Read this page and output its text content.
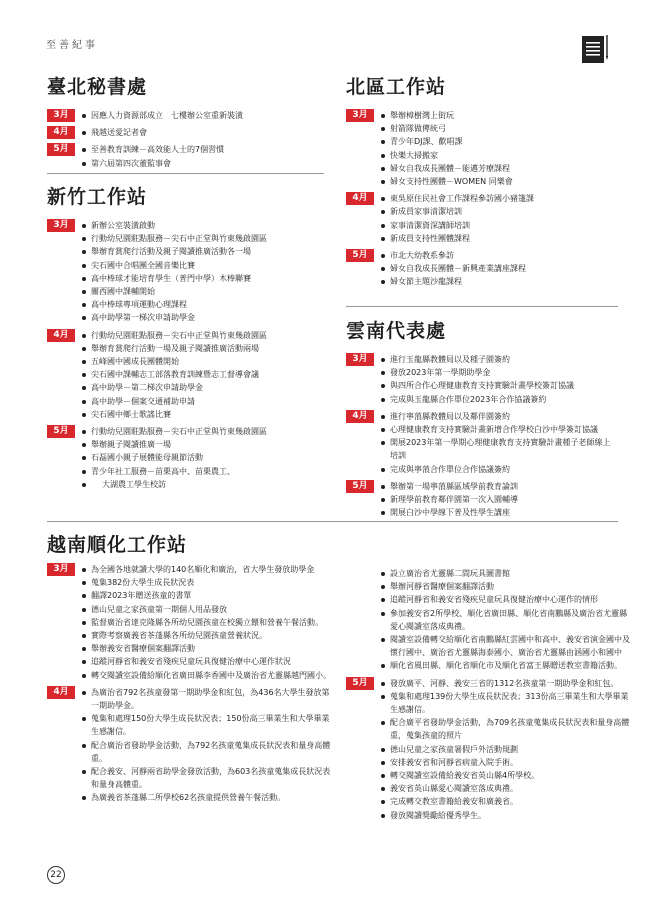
至善紀事
臺北秘書處
3月	因應人力資源部成立　七樓辦公室重新裝潢
4月	飛越送愛記者會
5月	至善教育訓練－高效能人士的7個習慣
第六屆第四次董監事會
新竹工作站
3月	新辦公室裝潢啟動
行動幼兒園駐點服務－尖石中正堂與竹東幾啟園區
舉辦育賞爬行活動及親子閱讀推廣活動各一場
尖石國中合唱團全國音樂比賽
高中棒球才能培育學生（普門中學）木棒聯賽
關西國中課輔開始
高中棒球專項運動心理課程
高中助學第一梯次申請助學金
4月	行動幼兒園駐點服務－尖石中正堂與竹東幾啟園區
舉辦育賞爬行活動一場及親子閱讀推廣活動兩場
五峰國中國成長團體開始
尖石國中課輔志工部落教育訓練暨志工督導會議
高中助學－第二梯次申請助學金
高中助學－個案交通補助申請
尖石國中鄉土歌謠比賽
5月	行動幼兒園駐點服務－尖石中正堂與竹東幾啟園區
舉辦親子閱讀推廣一場
石磊國小親子展體能母親節活動
青少年社工服務－苗栗高中、苗栗農工、
大湖農工學生校訪
北區工作站
3月	舉辦樟樹灣上街玩
射箭隊做傳統弓
青少年DJ課、歡唱課
快樂大掃搬家
婦女自我成長團體－能邁芳療課程
婦女支持性團體－WOMEN 同樂會
4月	東吳原住民社會工作課程參訪國小豬篷課
新成員家事清潔培訓
家事清潔資深講師培訓
新成員支持性團體課程
5月	市北大幼教系參訪
婦女自我成長團體－新興產業講座課程
婦女節主題沙龍課程
雲南代表處
3月	進行玉龍縣教體局以及種子園簽約
發放2023年第一學期助學金
與四所合作心理健康教育支持實驗計畫學校簽訂協議
完成與玉龍縣合作單位2023年合作協議簽約
4月	進行寧蒗縣教體局以及鄰伴園簽約
心理健康教育支持實驗計畫新增合作學校白沙中學簽訂協議
開展2023年第一學期心理健康教育支持實驗計畫種子老師線上培訓
完成與寧蒗合作單位合作協議簽約
5月	舉辦第一場寧蒗縣區域學前教育論訓
新理學前教育鄰伴園第一次入園輔導
開展白沙中學線下普及性學生講座
越南順化工作站
3月	為全國各地就讀大學的140名順化和廣治，省大學生發放助學金
蒐集382份大學生成長狀況表
翻譯2023年贈送孩童的書單
德山兒童之家孩童第一期個人用品發放
監督廣治省達克隆縣各所幼兒園孩童在校獨立餵和營養午餐活動。
實際考察廣義省茶蓬縣各所幼兒園孩童營養狀況。
舉辦義安省醫療個案翻譯活動
追蹤河靜省和義安省殘疾兒童玩具復健治療中心運作狀況
轉交閱讀室設備給順化省廣田縣李香國中及廣治省尤靈縣越門國小。
4月	為廣治省792名孩童發第一期助學金和紅包，為436名大學生發放第一期助學金。
蒐集和處理150份大學生成長狀況表；150份高三畢業生和大學畢業生感謝信。
配合廣治省發助學金活動，為792名孩童蒐集成長狀況表和量身高體重。
配合義安、河靜兩省助學金發放活動，為603名孩童蒐集成長狀況表和量身高體重。
為廣義省茶蓬縣二所學校62名孩童提供營養午餐活動。
設立廣治省尤靈縣二間玩具圖書館
舉辦河靜省醫療個案翻譯活動
追蹤河靜省和義安省殘疾兒童玩具復健治療中心運作的情形
參加義安省2所學校、順化省廣田縣、順化省南鵬縣及廣治省尤靈縣愛心閱讀室落成典禮。
閱讀室設備轉交給順化省南鵬縣紅雲國中和高中、義安省演金國中及懷行國中、廣治省尤靈縣海泰國小、廣治省尤靈縣由涵國小和國中
順化省風田縣、順化省順化市及順化省富王縣贈送教室書籍活動。
5月	發放廣平、河靜、義安三省的1312名孩童第一期助學金和紅包。
蒐集和處理139份大學生成長狀況表；313份高三畢業生和大學畢業生感謝信。
配合廣平省發助學金活動，為709名孩童蒐集成長狀況表和量身高體重，蒐集孩童的照片
德山兒童之家孩童暑假戶外活動規劃
安排義安省和河靜省病童入院手術。
轉交閱讀室設備給義安省英山縣4所學校。
義安省英山縣愛心閱讀室落成典禮。
完成轉交教室書籍給義安和廣義省。
發放閱讀獎勵給優秀學生。
22
